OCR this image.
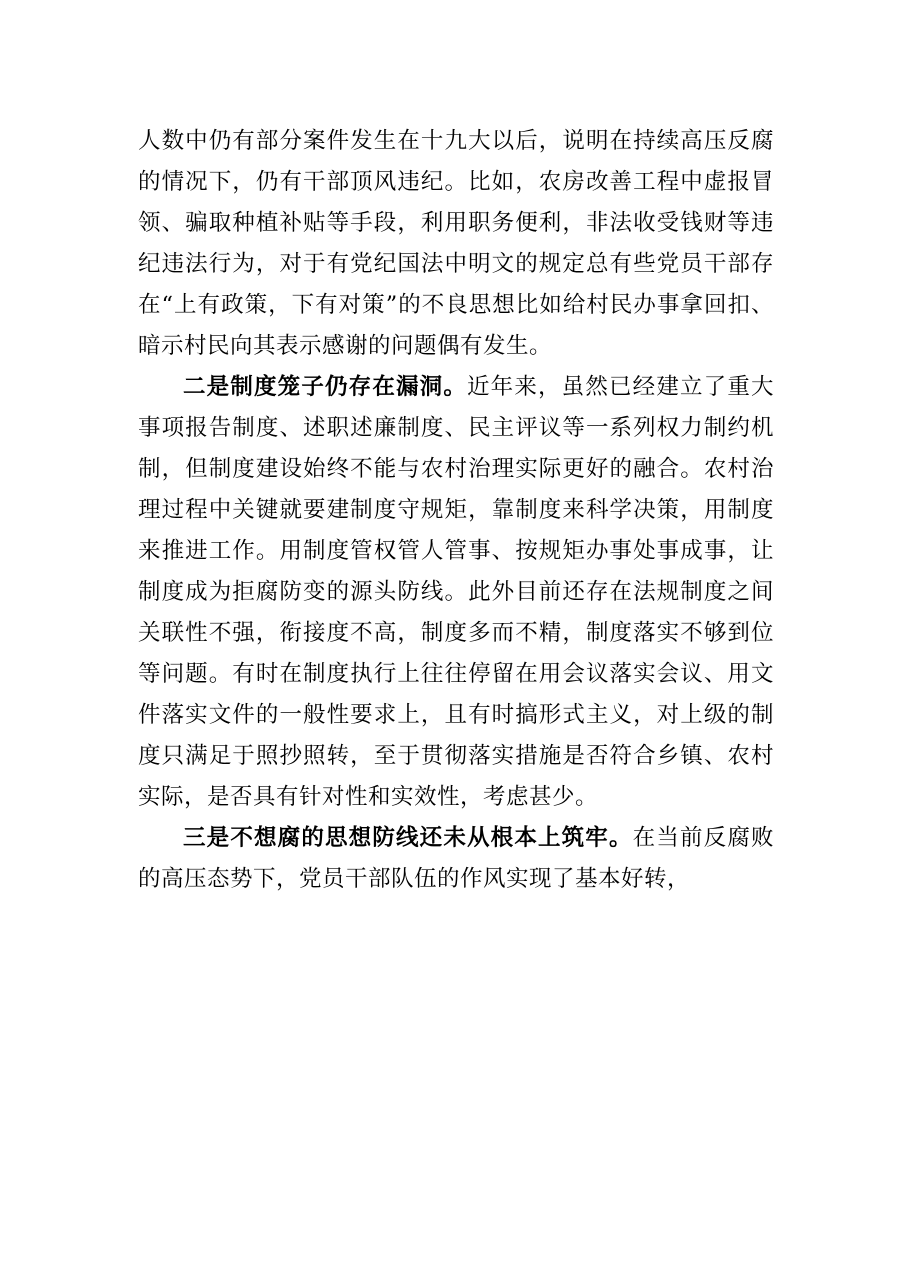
人数中仍有部分案件发生在十九大以后，说明在持续高压反腐的情况下，仍有干部顶风违纪。比如，农房改善工程中虚报冒领、骗取种植补贴等手段，利用职务便利，非法收受钱财等违纪违法行为，对于有党纪国法中明文的规定总有些党员干部存在“上有政策，下有对策”的不良思想比如给村民办事拿回扣、暗示村民向其表示感谢的问题偶有发生。

二是制度笼子仍存在漏洞。近年来，虽然已经建立了重大事项报告制度、述职述廉制度、民主评议等一系列权力制约机制，但制度建设始终不能与农村治理实际更好的融合。农村治理过程中关键就要建制度守规矩，靠制度来科学决策，用制度来推进工作。用制度管权管人管事、按规矩办事处事成事，让制度成为拒腐防变的源头防线。此外目前还存在法规制度之间关联性不强，衔接度不高，制度多而不精，制度落实不够到位等问题。有时在制度执行上往往停留在用会议落实会议、用文件落实文件的一般性要求上，且有时搞形式主义，对上级的制度只满足于照抄照转，至于贯彻落实措施是否符合乡镇、农村实际，是否具有针对性和实效性，考虑甚少。

三是不想腐的思想防线还未从根本上筑牢。在当前反腐败的高压态势下，党员干部队伍的作风实现了基本好转，
